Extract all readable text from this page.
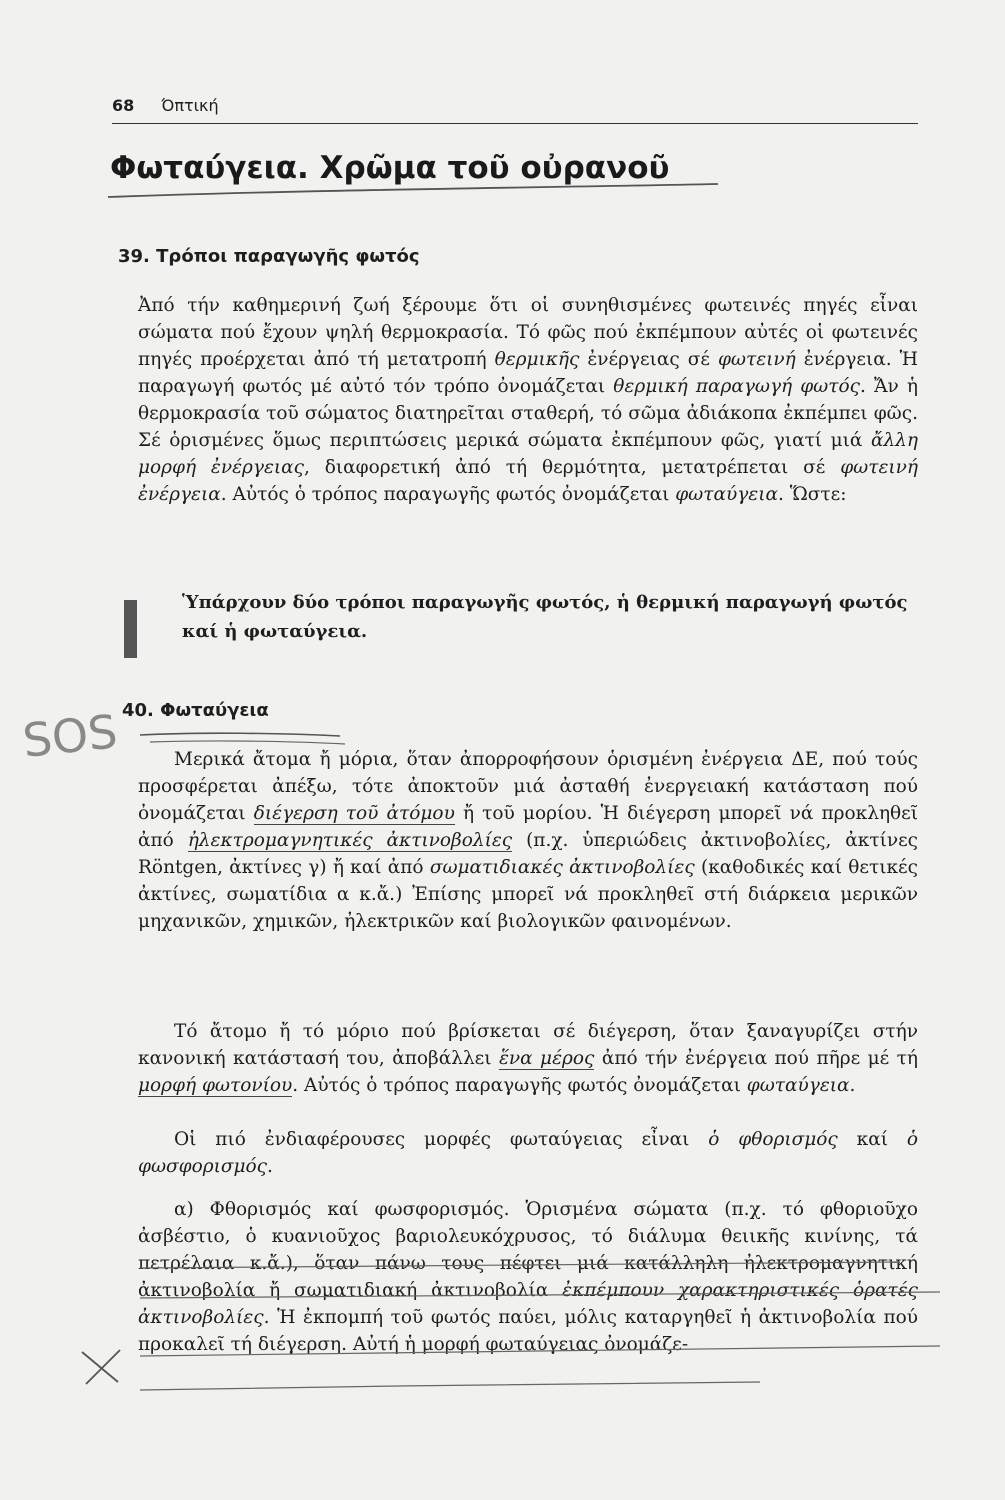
68 Όπτική
Φωταύγεια. Χρῶμα τοῦ οὐρανοῦ
39. Τρόποι παραγωγῆς φωτός

Ἀπό τήν καθημερινή ζωή ξέρουμε ὅτι οἱ συνηθισμένες φωτεινές πηγές εἶναι σώματα πού ἔχουν ψηλή θερμοκρασία. Τό φῶς πού ἐκπέμπουν αὐτές οἱ φωτεινές πηγές προέρχεται ἀπό τή μετατροπή θερμικῆς ἐνέργειας σέ φωτεινή ἐνέργεια. Ἡ παραγωγή φωτός μέ αὐτό τόν τρόπο ὀνομάζεται θερμική παραγωγή φωτός. Ἄν ἡ θερμοκρασία τοῦ σώματος διατηρεῖται σταθερή, τό σῶμα ἀδιάκοπα ἐκπέμπει φῶς. Σέ ὁρισμένες ὅμως περιπτώσεις μερικά σώματα ἐκπέμπουν φῶς, γιατί μιά ἄλλη μορφή ἐνέργειας, διαφορετική ἀπό τή θερμότητα, μετατρέπεται σέ φωτεινή ἐνέργεια. Αὐτός ὁ τρόπος παραγωγῆς φωτός ὀνομάζεται φωταύγεια. Ὥστε:

Ὑπάρχουν δύο τρόποι παραγωγῆς φωτός, ἡ θερμική παραγωγή φωτός καί ἡ φωταύγεια.
40. Φωταύγεια

Μερικά ἄτομα ἤ μόρια, ὅταν ἀπορροφήσουν ὁρισμένη ἐνέργεια ΔΕ, πού τούς προσφέρεται ἀπέξω, τότε ἀποκτοῦν μιά ἀσταθή ἐνεργειακή κατάσταση πού ὀνομάζεται διέγερση τοῦ ἀτόμου ἤ τοῦ μορίου. Ἡ διέγερση μπορεῖ νά προκληθεῖ ἀπό ἠλεκτρομαγνητικές ἀκτινοβολίες (π.χ. ὑπεριώδεις ἀκτινοβολίες, ἀκτίνες Röntgen, ἀκτίνες γ) ἤ καί ἀπό σωματιδιακές ἀκτινοβολίες (καθοδικές καί θετικές ἀκτίνες, σωματίδια α κ.ἄ.) Ἐπίσης μπορεῖ νά προκληθεῖ στή διάρκεια μερικῶν μηχανικῶν, χημικῶν, ἠλεκτρικῶν καί βιολογικῶν φαινομένων.

Τό ἄτομο ἤ τό μόριο πού βρίσκεται σέ διέγερση, ὅταν ξαναγυρίζει στήν κανονική κατάστασή του, ἀποβάλλει ἕνα μέρος ἀπό τήν ἐνέργεια πού πῆρε μέ τή μορφή φωτονίου. Αὐτός ὁ τρόπος παραγωγῆς φωτός ὀνομάζεται φωταύγεια.

Οἱ πιό ἐνδιαφέρουσες μορφές φωταύγειας εἶναι ὁ φθορισμός καί ὁ φωσφορισμός.

α) Φθορισμός καί φωσφορισμός. Ὁρισμένα σώματα (π.χ. τό φθοριοῦχο ἀσβέστιο, ὁ κυανιοῦχος βαριολευκόχρυσος, τό διάλυμα θειικῆς κινίνης, τά πετρέλαια κ.ἄ.), ὅταν πάνω τους πέφτει μιά κατάλληλη ἠλεκτρομαγνητική ἀκτινοβολία ἤ σωματιδιακή ἀκτινοβολία ἐκπέμπουν χαρακτηριστικές ὁρατές ἀκτινοβολίες. Ἡ ἐκπομπή τοῦ φωτός παύει, μόλις καταργηθεῖ ἡ ἀκτινοβολία πού προκαλεῖ τή διέγερση. Αὐτή ἡ μορφή φωταύγειας ὀνομάζε-

SOS
